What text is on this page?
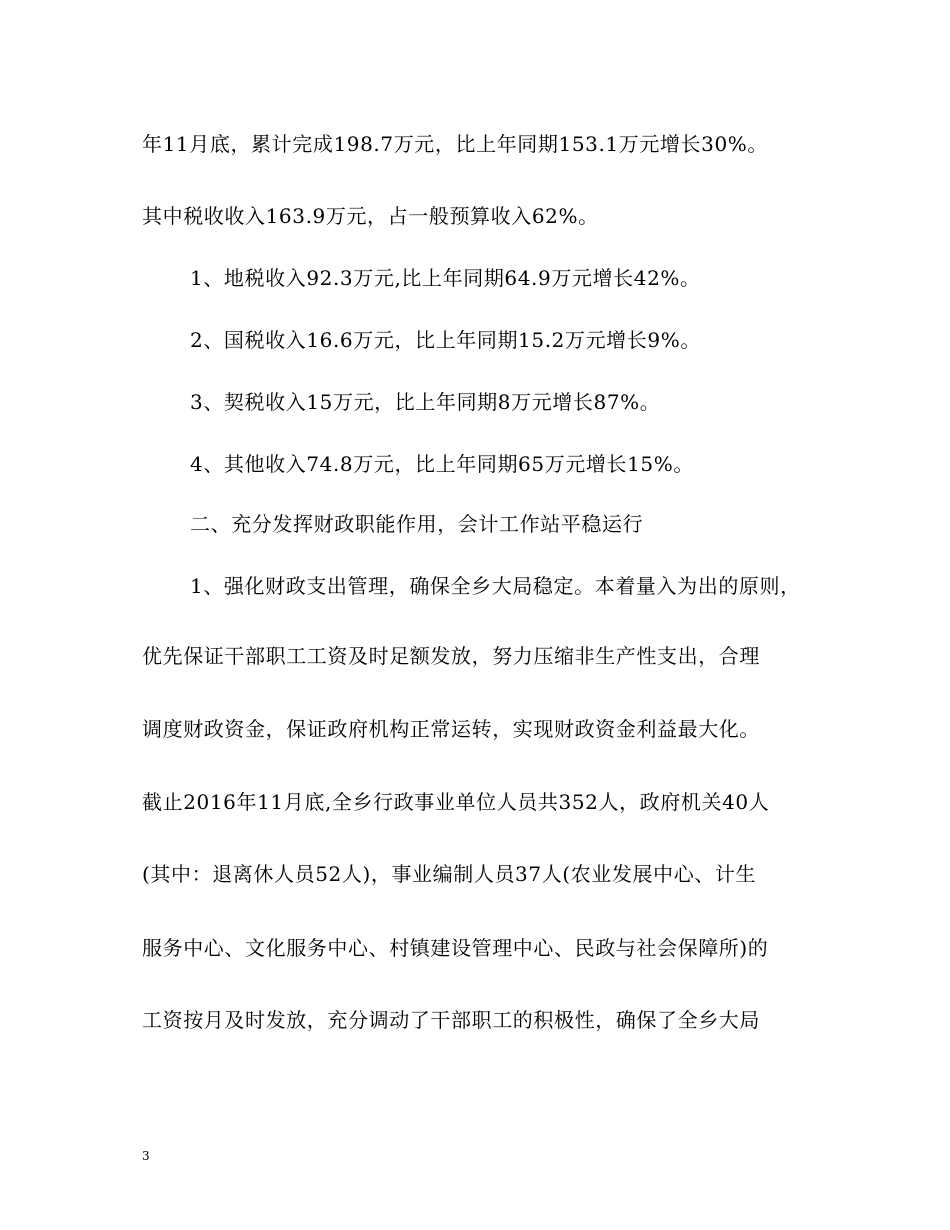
年11月底，累计完成198.7万元，比上年同期153.1万元增长30%。
其中税收收入163.9万元，占一般预算收入62%。
1、地税收入92.3万元,比上年同期64.9万元增长42%。
2、国税收入16.6万元，比上年同期15.2万元增长9%。
3、契税收入15万元，比上年同期8万元增长87%。
4、其他收入74.8万元，比上年同期65万元增长15%。
二、充分发挥财政职能作用，会计工作站平稳运行
1、强化财政支出管理，确保全乡大局稳定。本着量入为出的原则，
优先保证干部职工工资及时足额发放，努力压缩非生产性支出，合理
调度财政资金，保证政府机构正常运转，实现财政资金利益最大化。
截止2016年11月底,全乡行政事业单位人员共352人，政府机关40人
(其中：退离休人员52人)，事业编制人员37人(农业发展中心、计生
服务中心、文化服务中心、村镇建设管理中心、民政与社会保障所)的
工资按月及时发放，充分调动了干部职工的积极性，确保了全乡大局
3
